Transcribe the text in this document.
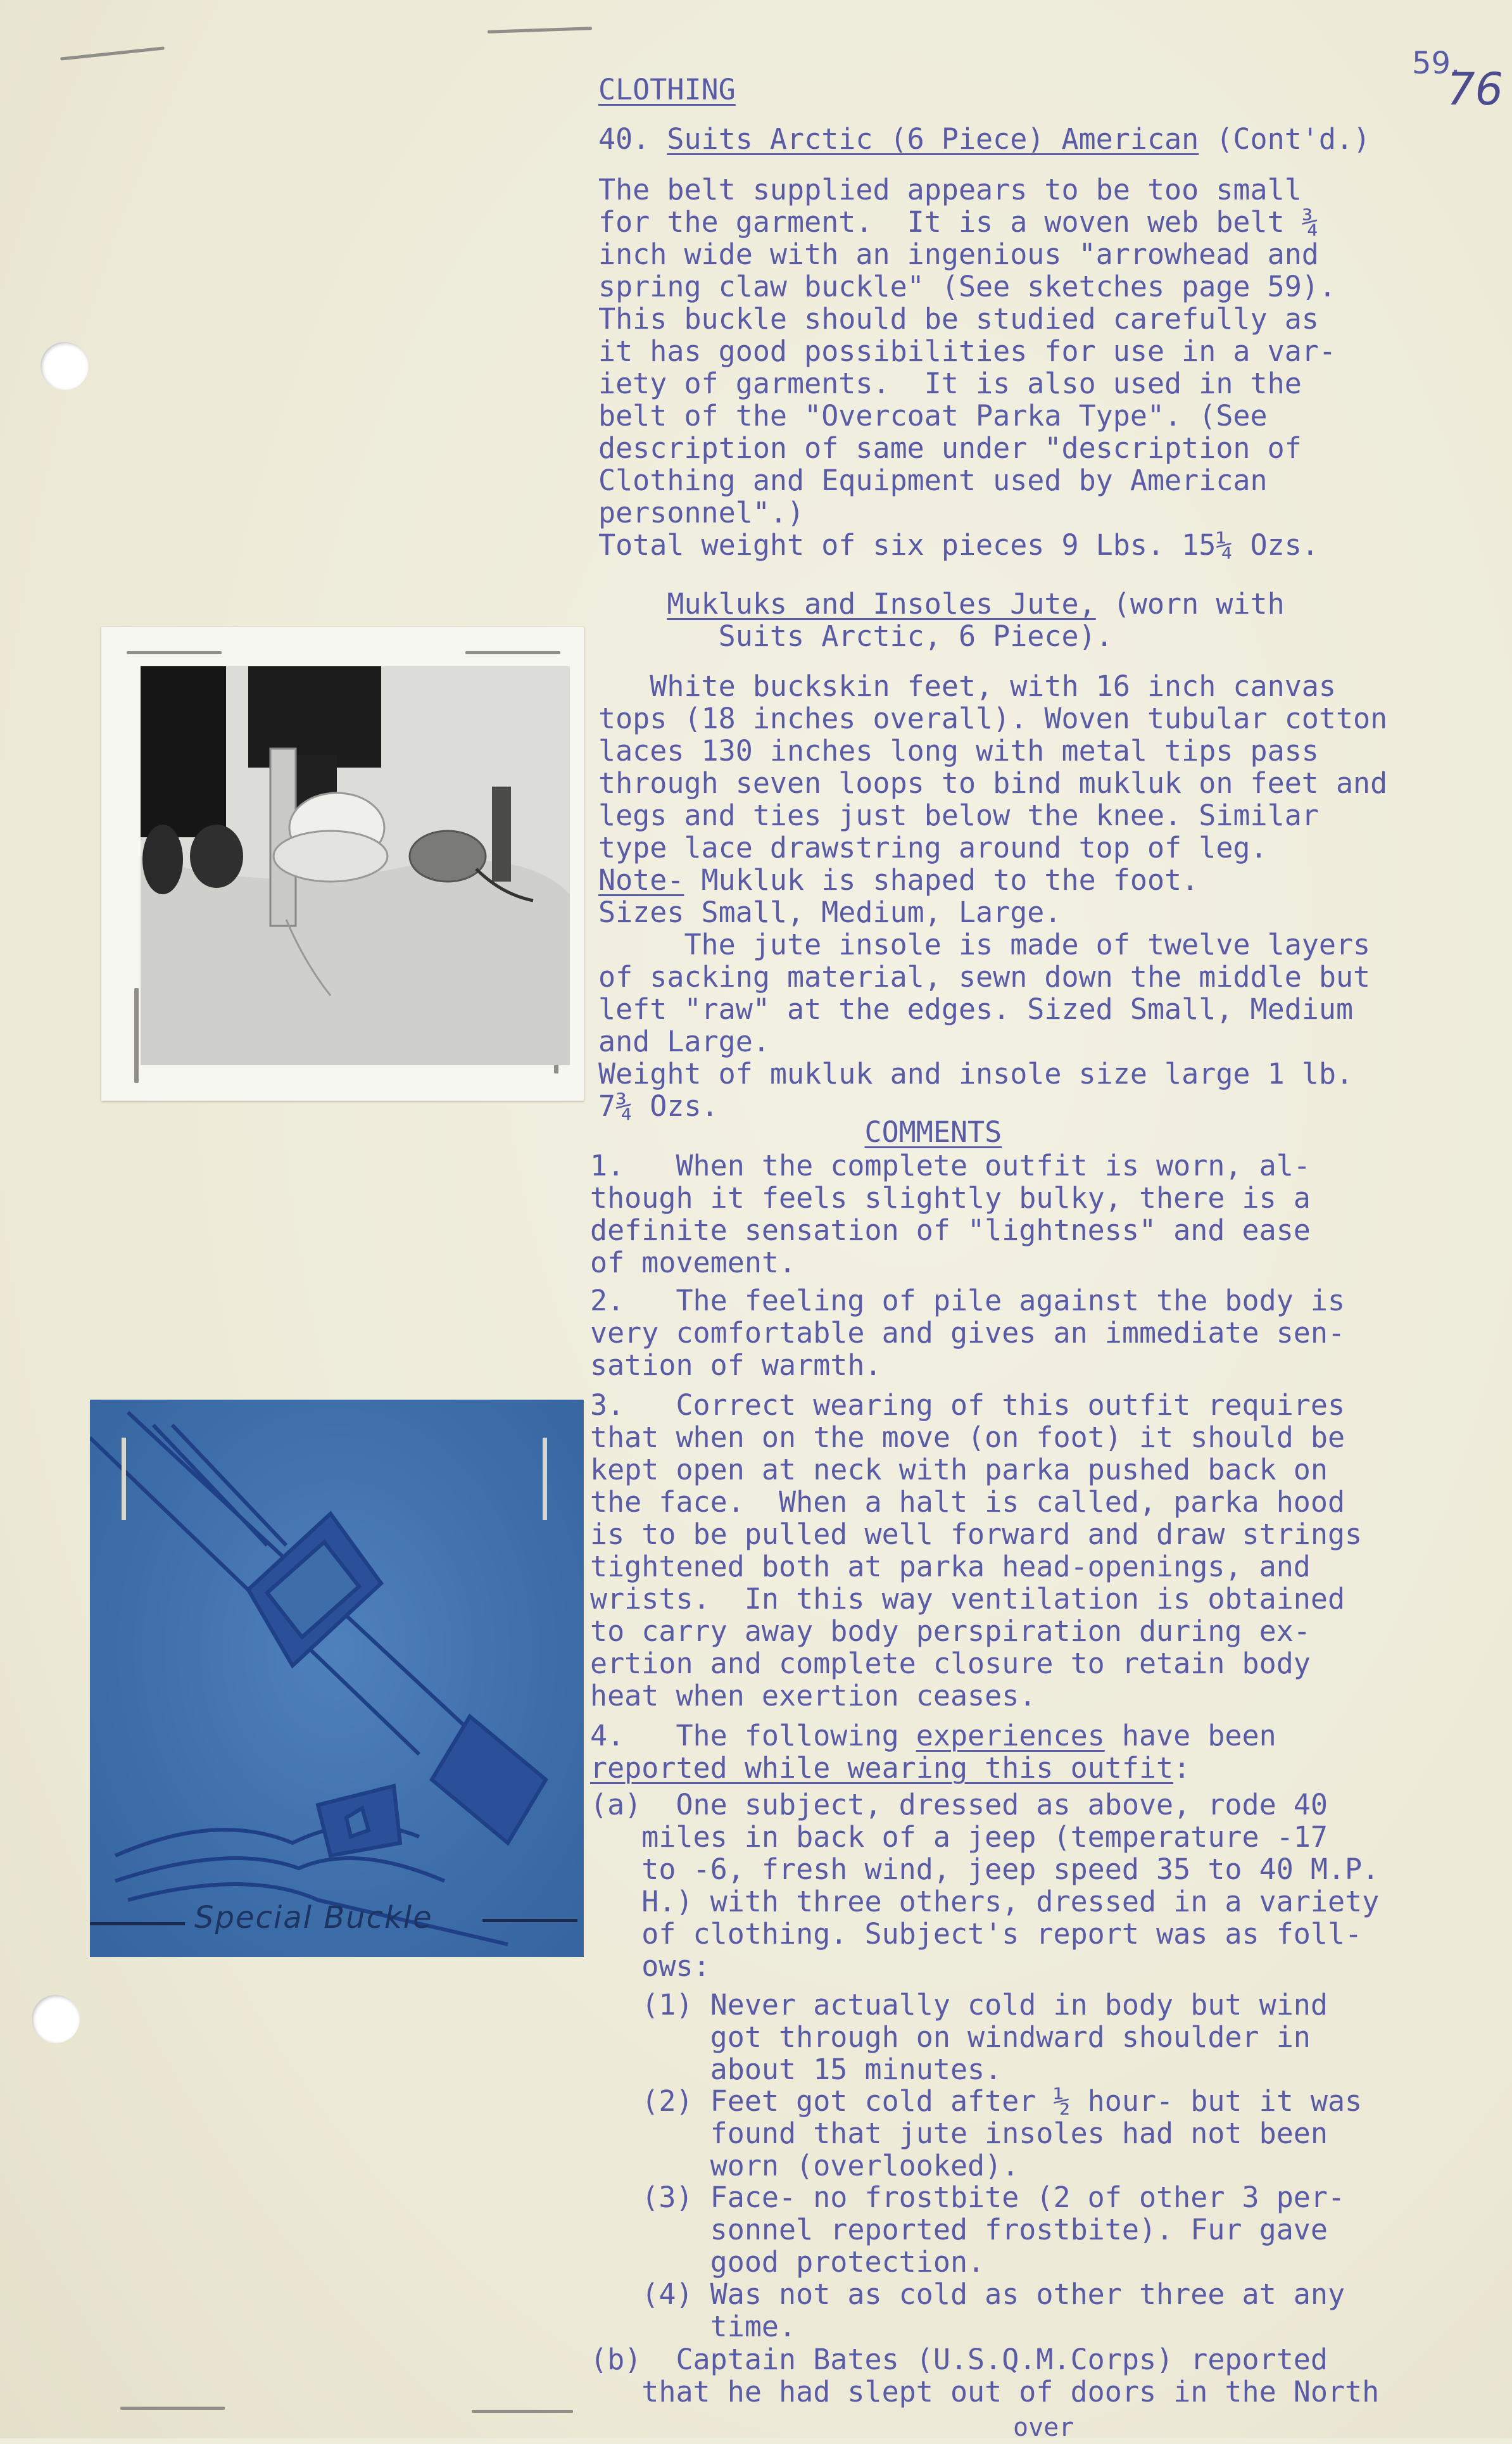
59.
76
Special Buckle
CLOTHING
40. Suits Arctic (6 Piece) American (Cont'd.)
The belt supplied appears to be too small
for the garment.  It is a woven web belt ¾
inch wide with an ingenious "arrowhead and
spring claw buckle" (See sketches page 59).
This buckle should be studied carefully as
it has good possibilities for use in a var-
iety of garments.  It is also used in the
belt of the "Overcoat Parka Type". (See
description of same under "description of
Clothing and Equipment used by American
personnel".)
Total weight of six pieces 9 Lbs. 15¼ Ozs.
Mukluks and Insoles Jute, (worn with
Suits Arctic, 6 Piece).
White buckskin feet, with 16 inch canvas
tops (18 inches overall). Woven tubular cotton
laces 130 inches long with metal tips pass
through seven loops to bind mukluk on feet and
legs and ties just below the knee. Similar
type lace drawstring around top of leg.
Note- Mukluk is shaped to the foot.
Sizes Small, Medium, Large.
The jute insole is made of twelve layers
of sacking material, sewn down the middle but
left "raw" at the edges. Sized Small, Medium
and Large.
Weight of mukluk and insole size large 1 lb.
7¾ Ozs.
COMMENTS
1.   When the complete outfit is worn, al-
though it feels slightly bulky, there is a
definite sensation of "lightness" and ease
of movement.
2.   The feeling of pile against the body is
very comfortable and gives an immediate sen-
sation of warmth.
3.   Correct wearing of this outfit requires
that when on the move (on foot) it should be
kept open at neck with parka pushed back on
the face.  When a halt is called, parka hood
is to be pulled well forward and draw strings
tightened both at parka head-openings, and
wrists.  In this way ventilation is obtained
to carry away body perspiration during ex-
ertion and complete closure to retain body
heat when exertion ceases.
4.   The following experiences have been
reported while wearing this outfit:
(a)  One subject, dressed as above, rode 40
miles in back of a jeep (temperature -17
to -6, fresh wind, jeep speed 35 to 40 M.P.
H.) with three others, dressed in a variety
of clothing. Subject's report was as foll-
ows:
(1) Never actually cold in body but wind
got through on windward shoulder in
about 15 minutes.
(2) Feet got cold after ½ hour- but it was
found that jute insoles had not been
worn (overlooked).
(3) Face- no frostbite (2 of other 3 per-
sonnel reported frostbite). Fur gave
good protection.
(4) Was not as cold as other three at any
time.
(b)  Captain Bates (U.S.Q.M.Corps) reported
that he had slept out of doors in the North
over
